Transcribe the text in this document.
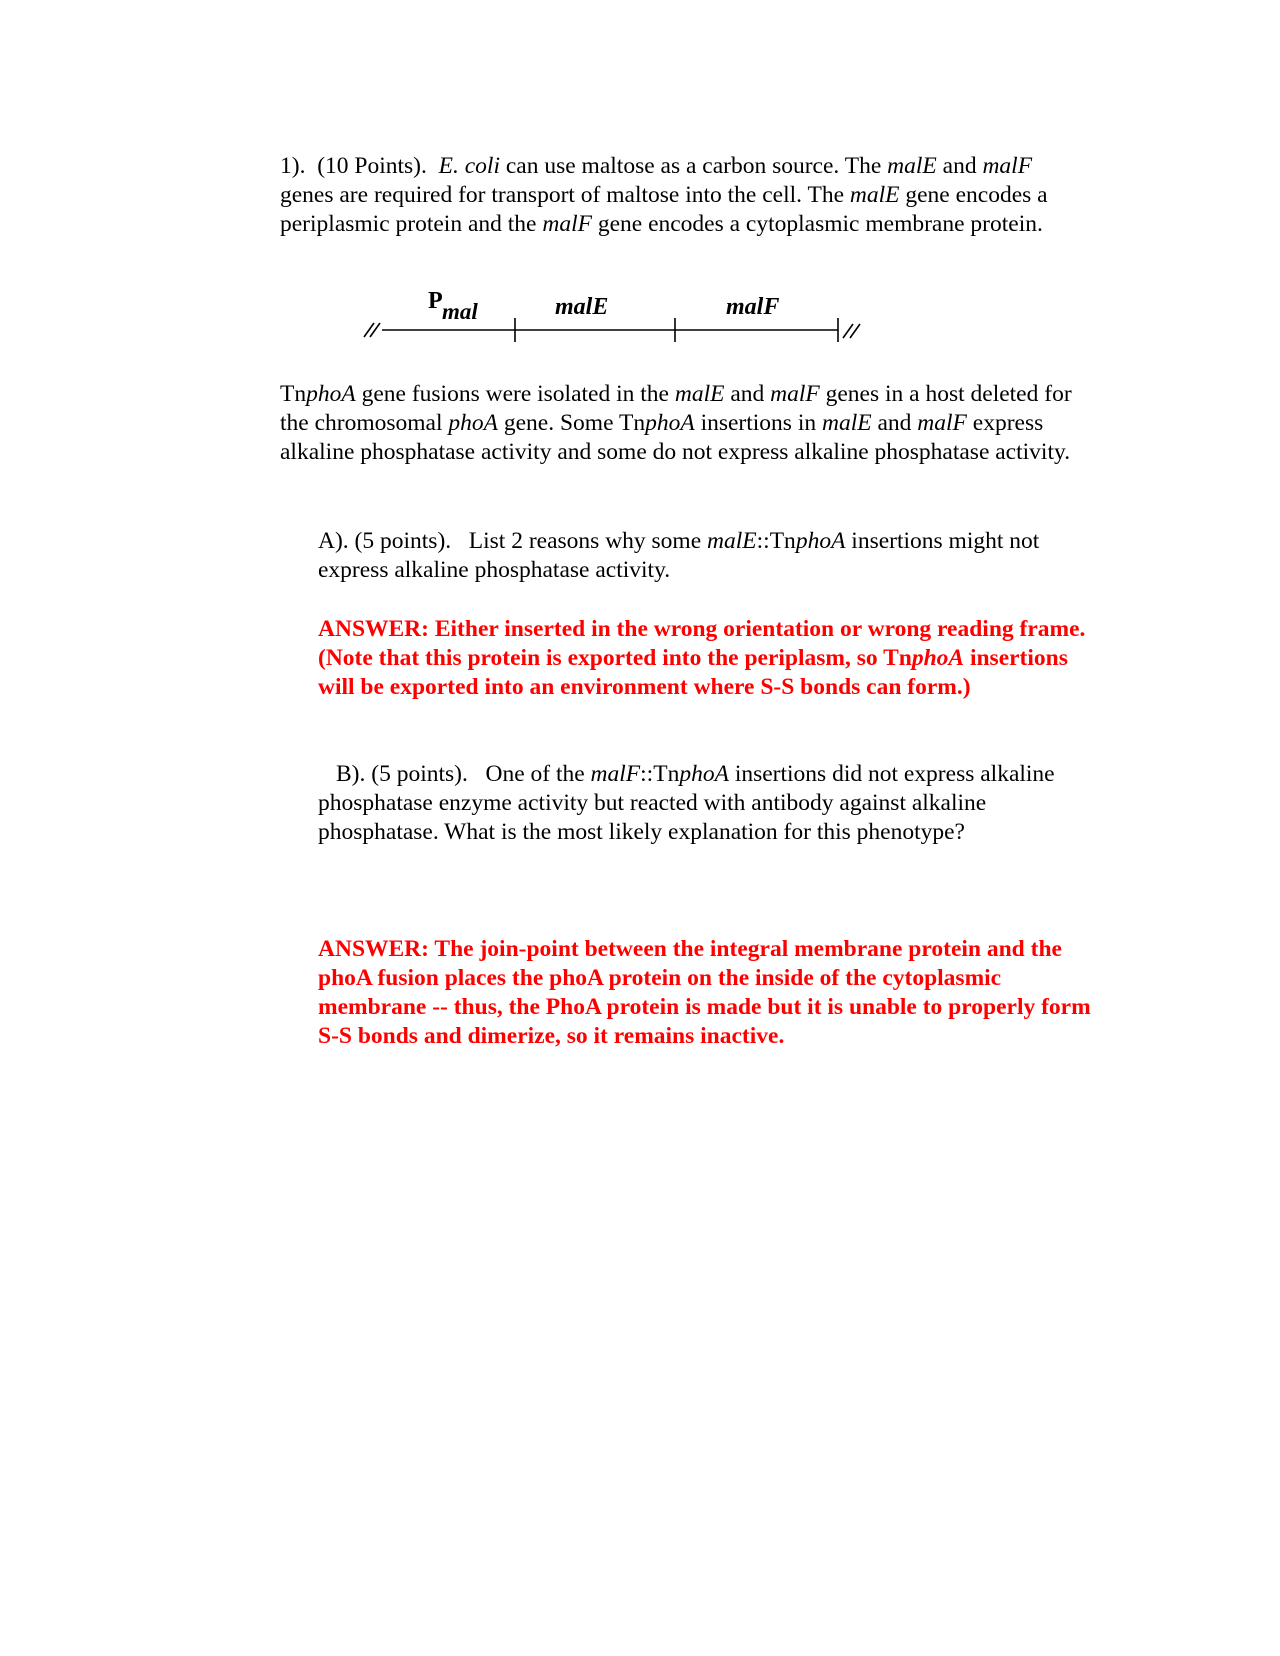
1). (10 Points). E. coli can use maltose as a carbon source. The malE and malF genes are required for transport of maltose into the cell. The malE gene encodes a periplasmic protein and the malF gene encodes a cytoplasmic membrane protein.

P mal	malE	malF

TnphoA gene fusions were isolated in the malE and malF genes in a host deleted for the chromosomal phoA gene. Some TnphoA insertions in malE and malF express alkaline phosphatase activity and some do not express alkaline phosphatase activity.

A). (5 points). List 2 reasons why some malE::TnphoA insertions might not express alkaline phosphatase activity.

ANSWER: Either inserted in the wrong orientation or wrong reading frame. (Note that this protein is exported into the periplasm, so TnphoA insertions will be exported into an environment where S-S bonds can form.)

B). (5 points). One of the malF::TnphoA insertions did not express alkaline phosphatase enzyme activity but reacted with antibody against alkaline phosphatase. What is the most likely explanation for this phenotype?

ANSWER: The join-point between the integral membrane protein and the phoA fusion places the phoA protein on the inside of the cytoplasmic membrane -- thus, the PhoA protein is made but it is unable to properly form S-S bonds and dimerize, so it remains inactive.
